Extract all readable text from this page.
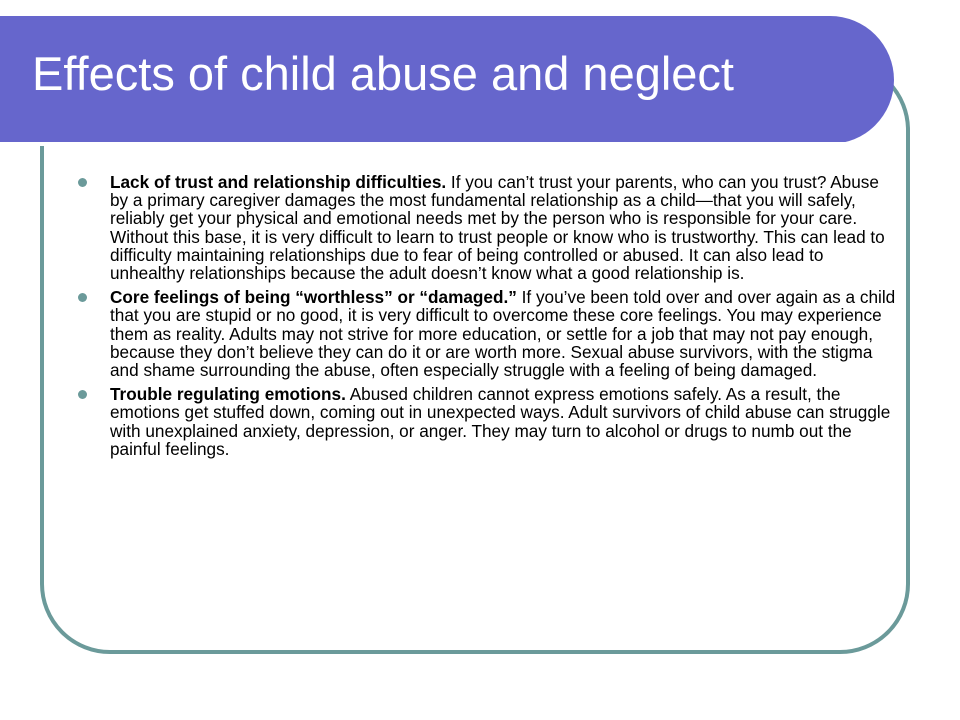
Effects of child abuse and neglect
Lack of trust and relationship difficulties. If you can’t trust your parents, who can you trust? Abuse by a primary caregiver damages the most fundamental relationship as a child—that you will safely, reliably get your physical and emotional needs met by the person who is responsible for your care. Without this base, it is very difficult to learn to trust people or know who is trustworthy. This can lead to difficulty maintaining relationships due to fear of being controlled or abused. It can also lead to unhealthy relationships because the adult doesn’t know what a good relationship is.
Core feelings of being “worthless” or “damaged.” If you’ve been told over and over again as a child that you are stupid or no good, it is very difficult to overcome these core feelings. You may experience them as reality. Adults may not strive for more education, or settle for a job that may not pay enough, because they don’t believe they can do it or are worth more. Sexual abuse survivors, with the stigma and shame surrounding the abuse, often especially struggle with a feeling of being damaged.
Trouble regulating emotions. Abused children cannot express emotions safely. As a result, the emotions get stuffed down, coming out in unexpected ways. Adult survivors of child abuse can struggle with unexplained anxiety, depression, or anger. They may turn to alcohol or drugs to numb out the painful feelings.
